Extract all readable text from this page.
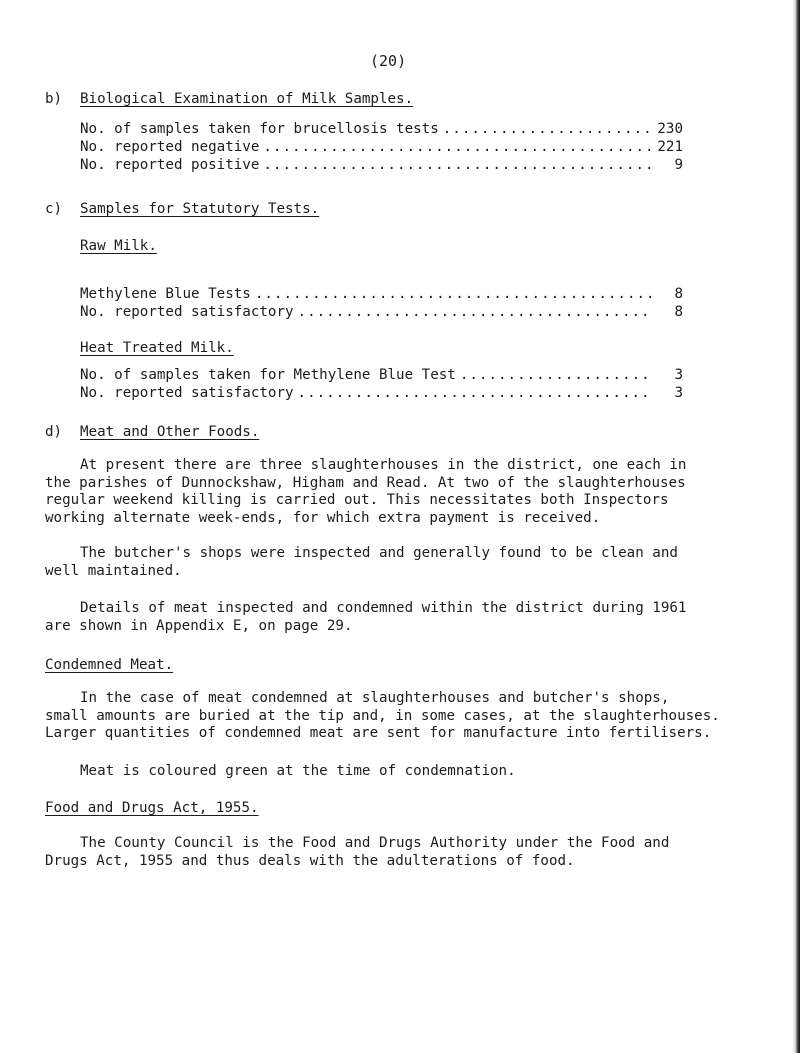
(20)
b) Biological Examination of Milk Samples.
No. of samples taken for brucellosis tests .....	230
No. reported negative .....	221
No. reported positive .....	9
c) Samples for Statutory Tests.
Raw Milk.
Methylene Blue Tests .....	8
No. reported satisfactory .....	8
Heat Treated Milk.
No. of samples taken for Methylene Blue Test .....	3
No. reported satisfactory .....	3
d) Meat and Other Foods.
At present there are three slaughterhouses in the district, one each in
the parishes of Dunnockshaw, Higham and Read. At two of the slaughterhouses
regular weekend killing is carried out. This necessitates both Inspectors
working alternate week-ends, for which extra payment is received.
The butcher's shops were inspected and generally found to be clean and
well maintained.
Details of meat inspected and condemned within the district during 1961
are shown in Appendix E, on page 29.
Condemned Meat.
In the case of meat condemned at slaughterhouses and butcher's shops,
small amounts are buried at the tip and, in some cases, at the slaughterhouses.
Larger quantities of condemned meat are sent for manufacture into fertilisers.
Meat is coloured green at the time of condemnation.
Food and Drugs Act, 1955.
The County Council is the Food and Drugs Authority under the Food and
Drugs Act, 1955 and thus deals with the adulterations of food.
